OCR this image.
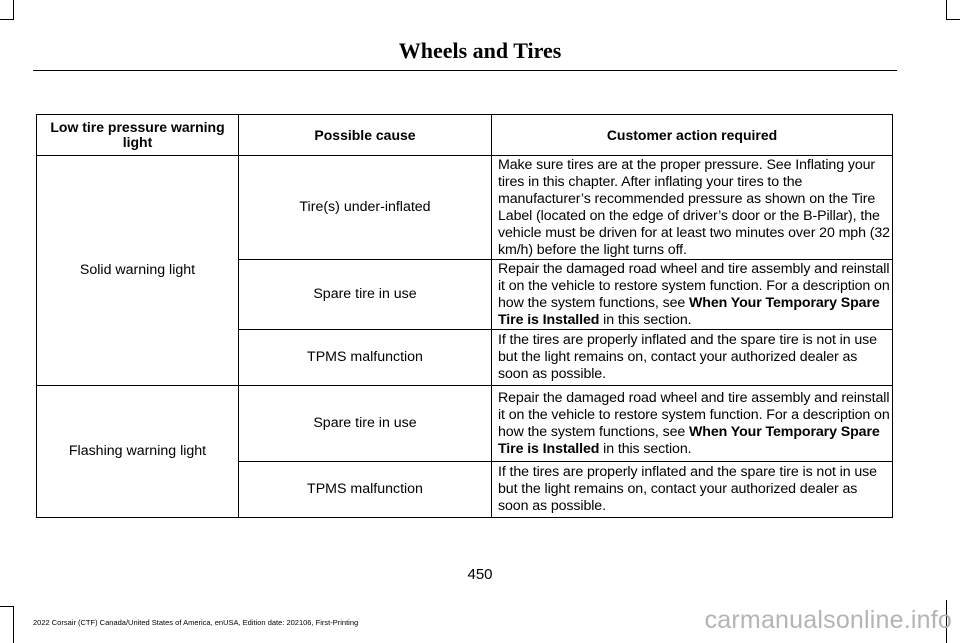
Wheels and Tires
Low tire pressure warning light	Possible cause	Customer action required
Solid warning light	Tire(s) under-inflated	Make sure tires are at the proper pressure. See Inflating your tires in this chapter. After inflating your tires to the manufacturer’s recommended pressure as shown on the Tire Label (located on the edge of driver’s door or the B-Pillar), the vehicle must be driven for at least two minutes over 20 mph (32 km/h) before the light turns off.
	Spare tire in use	Repair the damaged road wheel and tire assembly and reinstall it on the vehicle to restore system function. For a description on how the system functions, see When Your Temporary Spare Tire is Installed in this section.
	TPMS malfunction	If the tires are properly inflated and the spare tire is not in use but the light remains on, contact your authorized dealer as soon as possible.
Flashing warning light	Spare tire in use	Repair the damaged road wheel and tire assembly and reinstall it on the vehicle to restore system function. For a description on how the system functions, see When Your Temporary Spare Tire is Installed in this section.
	TPMS malfunction	If the tires are properly inflated and the spare tire is not in use but the light remains on, contact your authorized dealer as soon as possible.
450
2022 Corsair (CTF) Canada/United States of America, enUSA, Edition date: 202106, First-Printing	carmanualsonline.info
